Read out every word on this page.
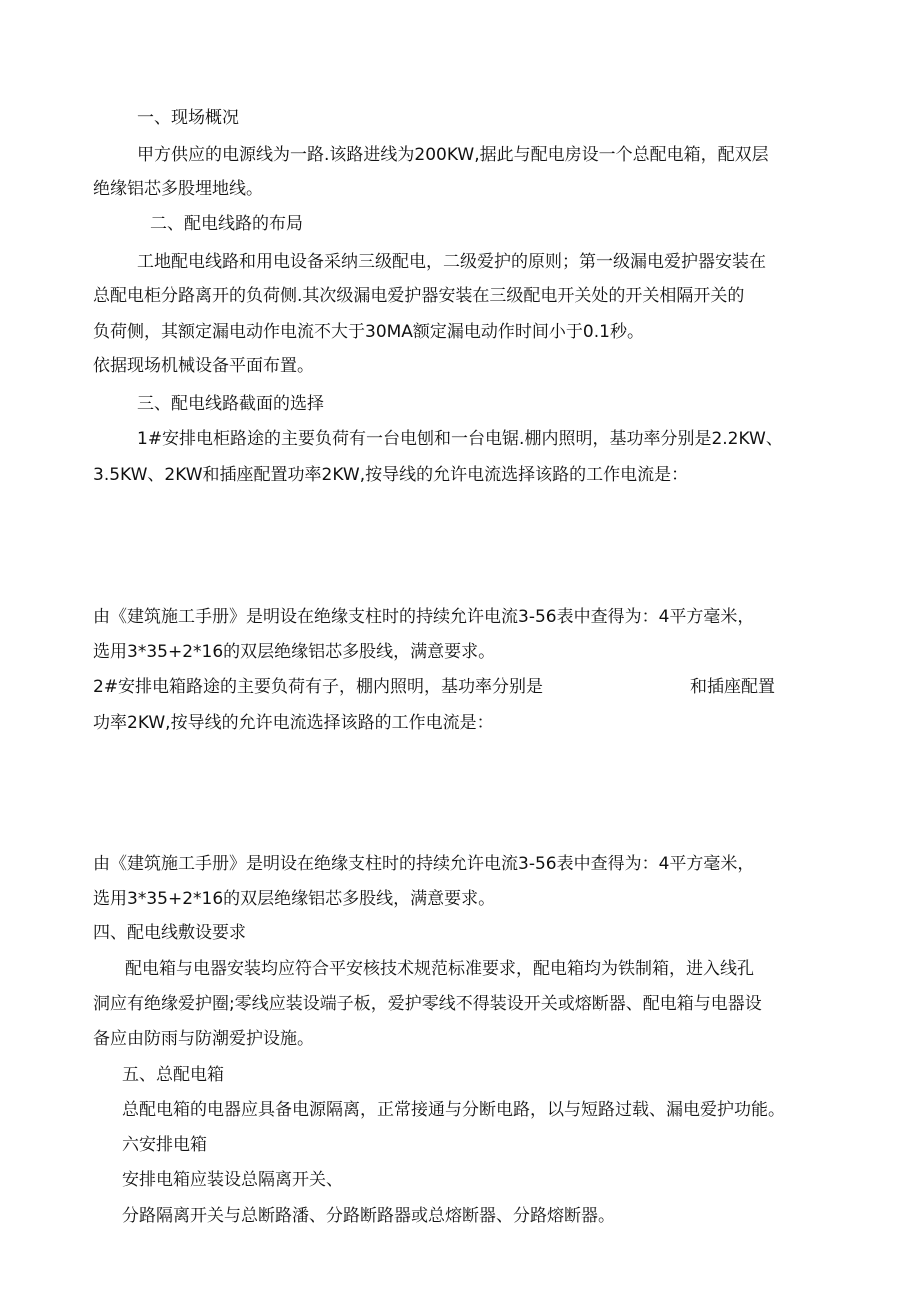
一、现场概况
甲方供应的电源线为一路.该路进线为200KW,据此与配电房设一个总配电箱，配双层
绝缘铝芯多股埋地线。
二、配电线路的布局
工地配电线路和用电设备采纳三级配电，二级爱护的原则；第一级漏电爱护器安装在
总配电柜分路离开的负荷侧.其次级漏电爱护器安装在三级配电开关处的开关相隔开关的
负荷侧，其额定漏电动作电流不大于30MA额定漏电动作时间小于0.1秒。
依据现场机械设备平面布置。
三、配电线路截面的选择
1#安排电柜路途的主要负荷有一台电刨和一台电锯.棚内照明，基功率分别是2.2KW、
3.5KW、2KW和插座配置功率2KW,按导线的允许电流选择该路的工作电流是：
由《建筑施工手册》是明设在绝缘支柱时的持续允许电流3-56表中查得为：4平方毫米，
选用3*35+2*16的双层绝缘铝芯多股线，满意要求。
2#安排电箱路途的主要负荷有子，棚内照明，基功率分别是	和插座配置
功率2KW,按导线的允许电流选择该路的工作电流是：
由《建筑施工手册》是明设在绝缘支柱时的持续允许电流3-56表中查得为：4平方毫米，
选用3*35+2*16的双层绝缘铝芯多股线，满意要求。
四、配电线敷设要求
配电箱与电器安装均应符合平安核技术规范标准要求，配电箱均为铁制箱，进入线孔
洞应有绝缘爱护圈;零线应装设端子板，爱护零线不得装设开关或熔断器、配电箱与电器设
备应由防雨与防潮爱护设施。
五、总配电箱
总配电箱的电器应具备电源隔离，正常接通与分断电路，以与短路过载、漏电爱护功能。
六安排电箱
安排电箱应装设总隔离开关、
分路隔离开关与总断路潘、分路断路器或总熔断器、分路熔断器。
